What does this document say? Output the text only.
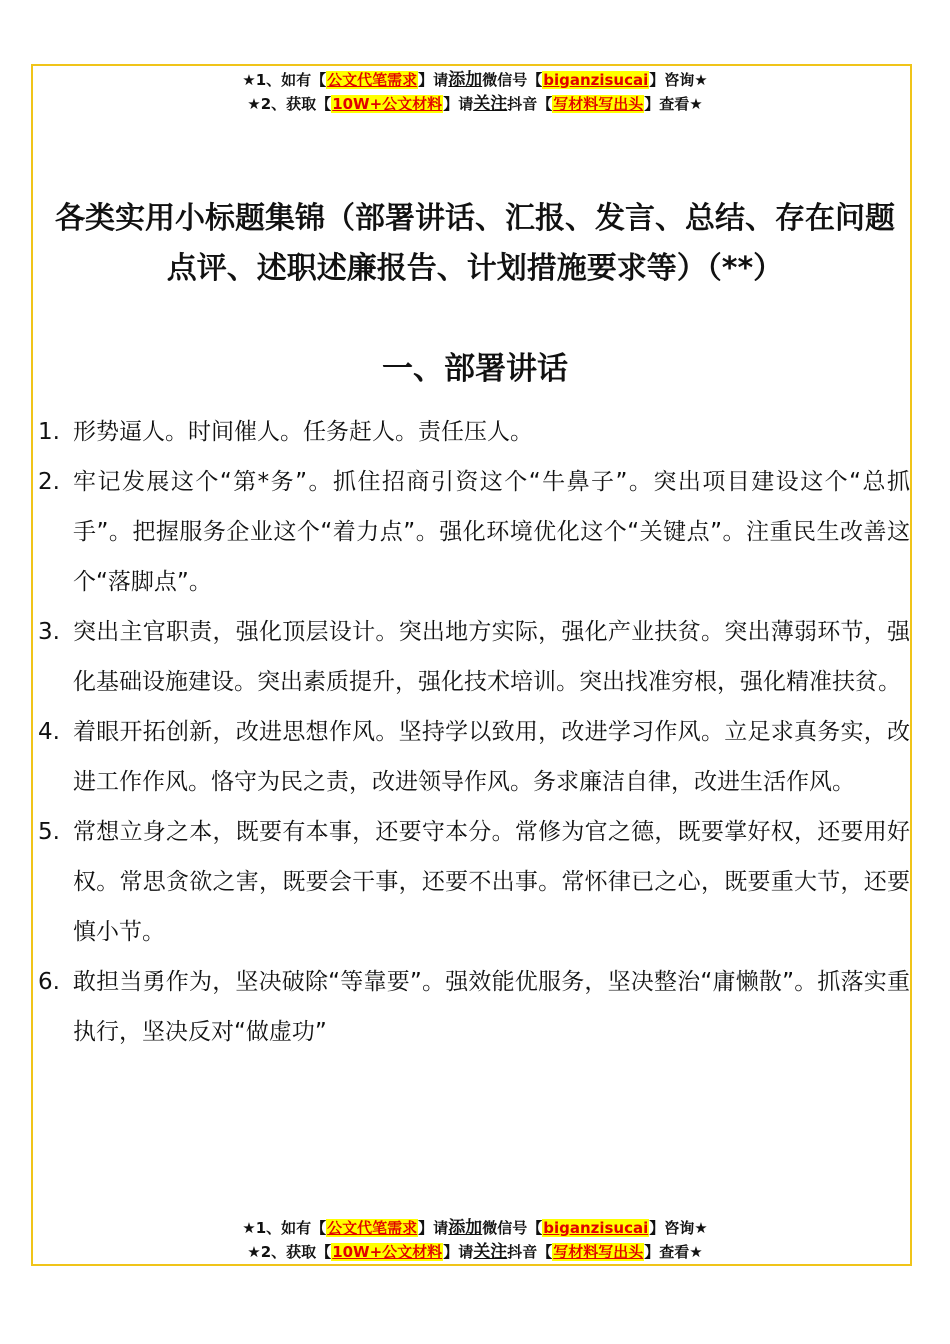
★1、如有【公文代笔需求】请添加微信号【biganzisucai】咨询★
★2、获取【10W+公文材料】请关注抖音【写材料写出头】查看★
各类实用小标题集锦（部署讲话、汇报、发言、总结、存在问题点评、述职述廉报告、计划措施要求等）（**）
一、部署讲话
1. 形势逼人。时间催人。任务赶人。责任压人。
2. 牢记发展这个“第*务”。抓住招商引资这个“牛鼻子”。突出项目建设这个“总抓手”。把握服务企业这个“着力点”。强化环境优化这个“关键点”。注重民生改善这个“落脚点”。
3. 突出主官职责，强化顶层设计。突出地方实际，强化产业扶贫。突出薄弱环节，强化基础设施建设。突出素质提升，强化技术培训。突出找准穷根，强化精准扶贫。
4. 着眼开拓创新，改进思想作风。坚持学以致用，改进学习作风。立足求真务实，改进工作作风。恪守为民之责，改进领导作风。务求廉洁自律，改进生活作风。
5. 常想立身之本，既要有本事，还要守本分。常修为官之德，既要掌好权，还要用好权。常思贪欲之害，既要会干事，还要不出事。常怀律已之心，既要重大节，还要慎小节。
6. 敢担当勇作为，坚决破除“等靠要”。强效能优服务，坚决整治“庸懒散”。抓落实重执行，坚决反对“做虚功”
★1、如有【公文代笔需求】请添加微信号【biganzisucai】咨询★
★2、获取【10W+公文材料】请关注抖音【写材料写出头】查看★
